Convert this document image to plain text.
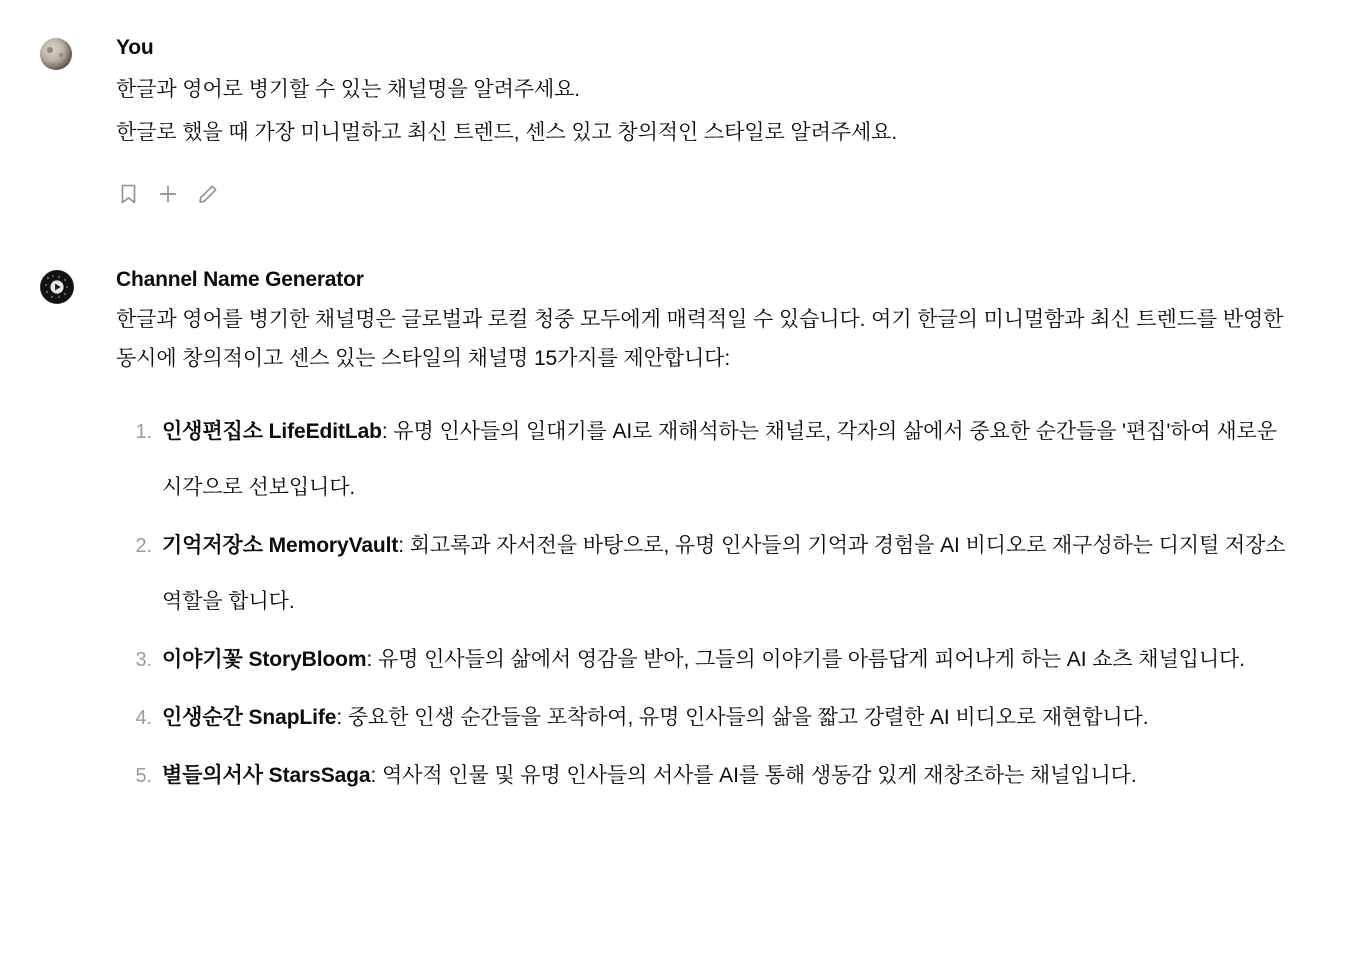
You

한글과 영어로 병기할 수 있는 채널명을 알려주세요.

한글로 했을 때 가장 미니멀하고 최신 트렌드, 센스 있고 창의적인 스타일로 알려주세요.

Channel Name Generator

한글과 영어를 병기한 채널명은 글로벌과 로컬 청중 모두에게 매력적일 수 있습니다. 여기 한글의 미니멀함과 최신 트렌드를 반영한 동시에 창의적이고 센스 있는 스타일의 채널명 15가지를 제안합니다:

인생편집소 LifeEditLab: 유명 인사들의 일대기를 AI로 재해석하는 채널로, 각자의 삶에서 중요한 순간들을 '편집'하여 새로운 시각으로 선보입니다.
기억저장소 MemoryVault: 회고록과 자서전을 바탕으로, 유명 인사들의 기억과 경험을 AI 비디오로 재구성하는 디지털 저장소 역할을 합니다.
이야기꽃 StoryBloom: 유명 인사들의 삶에서 영감을 받아, 그들의 이야기를 아름답게 피어나게 하는 AI 쇼츠 채널입니다.
인생순간 SnapLife: 중요한 인생 순간들을 포착하여, 유명 인사들의 삶을 짧고 강렬한 AI 비디오로 재현합니다.
별들의서사 StarsSaga: 역사적 인물 및 유명 인사들의 서사를 AI를 통해 생동감 있게 재창조하는 채널입니다.
